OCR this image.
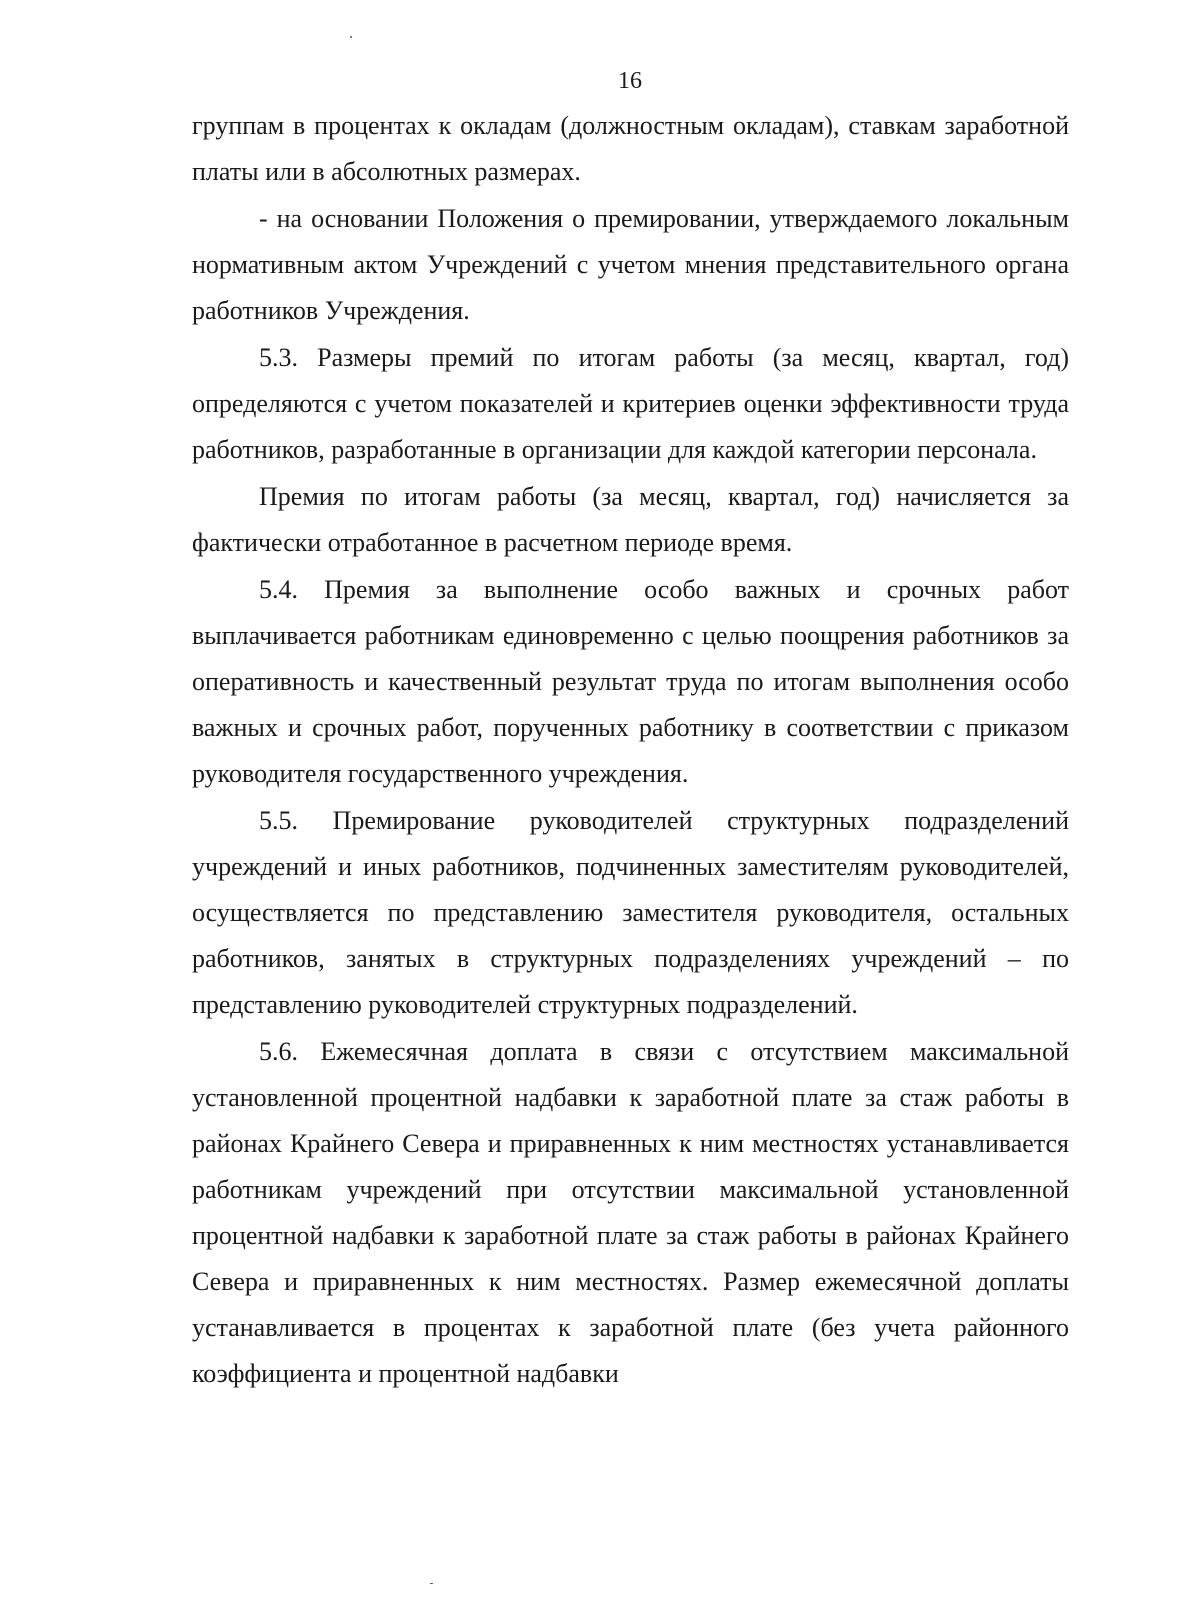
16

группам в процентах к окладам (должностным окладам), ставкам заработной платы или в абсолютных размерах.

- на основании Положения о премировании, утверждаемого локальным нормативным актом Учреждений с учетом мнения представительного органа работников Учреждения.

5.3. Размеры премий по итогам работы (за месяц, квартал, год) определяются с учетом показателей и критериев оценки эффективности труда работников, разработанные в организации для каждой категории персонала.

Премия по итогам работы (за месяц, квартал, год) начисляется за фактически отработанное в расчетном периоде время.

5.4. Премия за выполнение особо важных и срочных работ выплачивается работникам единовременно с целью поощрения работников за оперативность и качественный результат труда по итогам выполнения особо важных и срочных работ, порученных работнику в соответствии с приказом руководителя государственного учреждения.

5.5. Премирование руководителей структурных подразделений учреждений и иных работников, подчиненных заместителям руководителей, осуществляется по представлению заместителя руководителя, остальных работников, занятых в структурных подразделениях учреждений – по представлению руководителей структурных подразделений.

5.6. Ежемесячная доплата в связи с отсутствием максимальной установленной процентной надбавки к заработной плате за стаж работы в районах Крайнего Севера и приравненных к ним местностях устанавливается работникам учреждений при отсутствии максимальной установленной процентной надбавки к заработной плате за стаж работы в районах Крайнего Севера и приравненных к ним местностях. Размер ежемесячной доплаты устанавливается в процентах к заработной плате (без учета районного коэффициента и процентной надбавки
